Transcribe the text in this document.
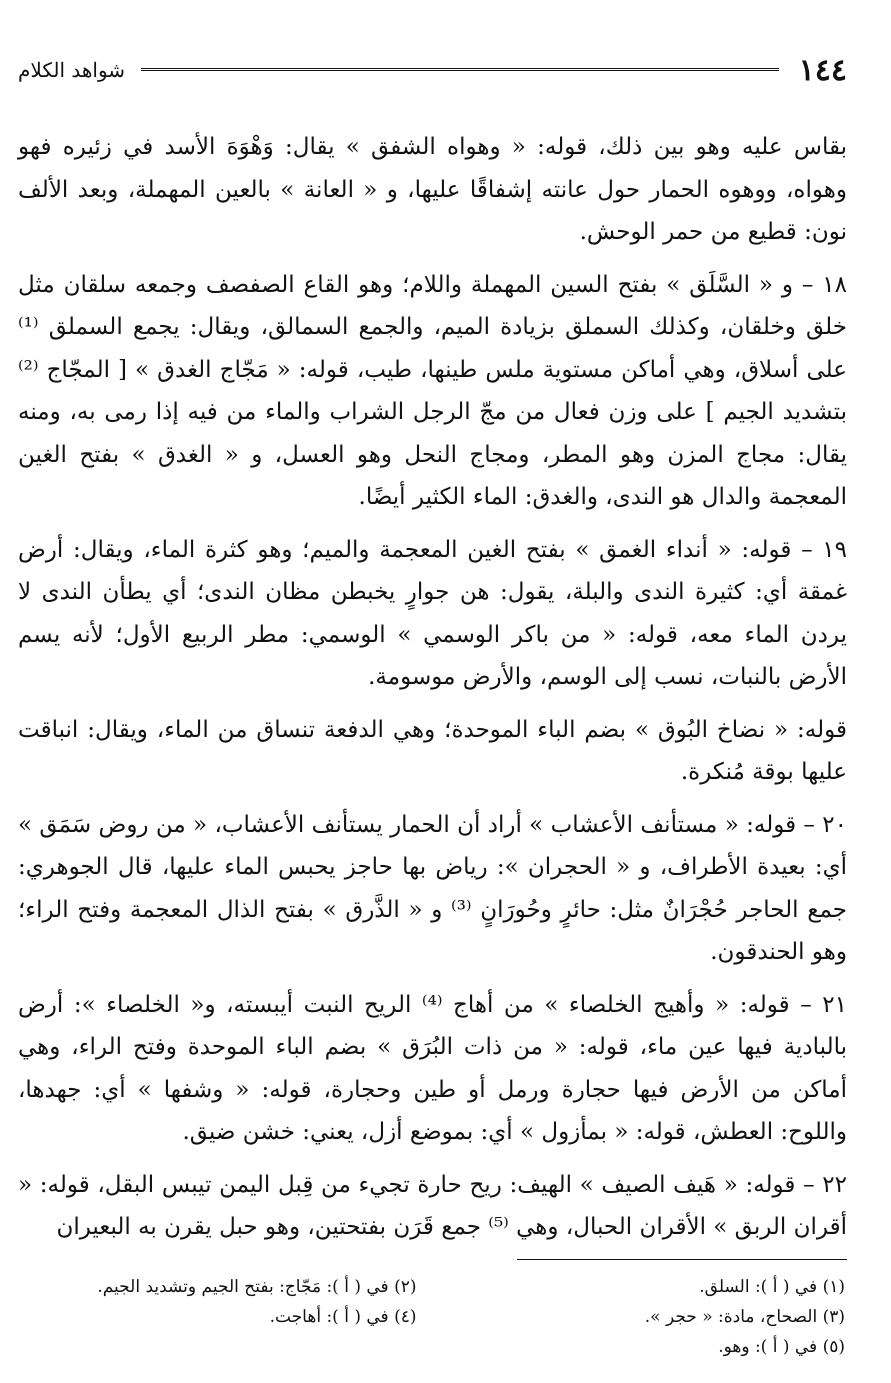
١٤٤
شواهد الكلام

بقاس عليه وهو بين ذلك، قوله: « وهواه الشفق » يقال: وَهْوَهَ الأسد في زئيره فهو وهواه، ووهوه الحمار حول عانته إشفاقًا عليها، و « العانة » بالعين المهملة، وبعد الألف نون: قطيع من حمر الوحش.

١٨ – و « السَّلَق » بفتح السين المهملة واللام؛ وهو القاع الصفصف وجمعه سلقان مثل خلق وخلقان، وكذلك السملق بزيادة الميم، والجمع السمالق، ويقال: يجمع السملق ⁽¹⁾ على أسلاق، وهي أماكن مستوية ملس طينها، طيب، قوله: « مَجّاج الغدق » [ المجّاج ⁽²⁾ بتشديد الجيم ] على وزن فعال من مجّ الرجل الشراب والماء من فيه إذا رمى به، ومنه يقال: مجاج المزن وهو المطر، ومجاج النحل وهو العسل، و « الغدق » بفتح الغين المعجمة والدال هو الندى، والغدق: الماء الكثير أيضًا.

١٩ – قوله: « أنداء الغمق » بفتح الغين المعجمة والميم؛ وهو كثرة الماء، ويقال: أرض غمقة أي: كثيرة الندى والبلة، يقول: هن جوارٍ يخبطن مظان الندى؛ أي يطأن الندى لا يردن الماء معه، قوله: « من باكر الوسمي » الوسمي: مطر الربيع الأول؛ لأنه يسم الأرض بالنبات، نسب إلى الوسم، والأرض موسومة.

قوله: « نضاخ البُوق » بضم الباء الموحدة؛ وهي الدفعة تنساق من الماء، ويقال: انباقت عليها بوقة مُنكرة.

٢٠ – قوله: « مستأنف الأعشاب » أراد أن الحمار يستأنف الأعشاب، « من روض سَمَق » أي: بعيدة الأطراف، و « الحجران »: رياض بها حاجز يحبس الماء عليها، قال الجوهري: جمع الحاجر حُجْرَانٌ مثل: حائرٍ وحُورَانٍ ⁽³⁾ و « الذَّرق » بفتح الذال المعجمة وفتح الراء؛ وهو الحندقون.

٢١ – قوله: « وأهيج الخلصاء » من أهاج ⁽⁴⁾ الريح النبت أيبسته، و« الخلصاء »: أرض بالبادية فيها عين ماء، قوله: « من ذات البُرَق » بضم الباء الموحدة وفتح الراء، وهي أماكن من الأرض فيها حجارة ورمل أو طين وحجارة، قوله: « وشفها » أي: جهدها، واللوح: العطش، قوله: « بمأزول » أي: بموضع أزل، يعني: خشن ضيق.

٢٢ – قوله: « هَيف الصيف » الهيف: ريح حارة تجيء من قِبل اليمن تيبس البقل، قوله: « أقران الربق » الأقران الحبال، وهي ⁽⁵⁾ جمع قَرَن بفتحتين، وهو حبل يقرن به البعيران

(١) في ( أ ): السلق.
(٢) في ( أ ): مَجّاج: بفتح الجيم وتشديد الجيم.
(٣) الصحاح، مادة: « حجر ».
(٤) في ( أ ): أهاجت.
(٥) في ( أ ): وهو.
